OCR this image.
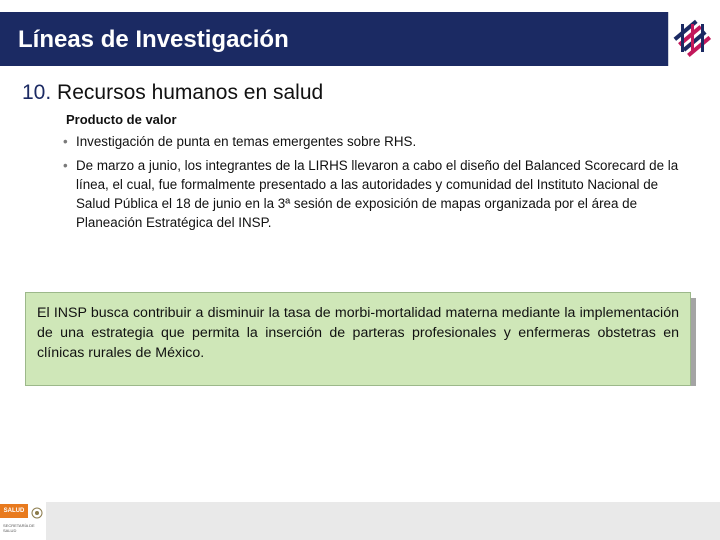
Líneas de Investigación
10. Recursos humanos en salud
Producto de valor
• Investigación de punta en temas emergentes sobre RHS.
• De marzo a junio, los integrantes de la LIRHS llevaron a cabo el diseño del Balanced Scorecard de la línea, el cual, fue formalmente presentado a las autoridades y comunidad del Instituto Nacional de Salud Pública el 18 de junio en la 3ª sesión de exposición de mapas organizada por el área de Planeación Estratégica del INSP.
El INSP busca contribuir a disminuir la tasa de morbi-mortalidad materna mediante la implementación de una estrategia que permita la inserción de parteras profesionales y enfermeras obstetras en clínicas rurales de México.
SALUD
SECRETARÍA DE SALUD
